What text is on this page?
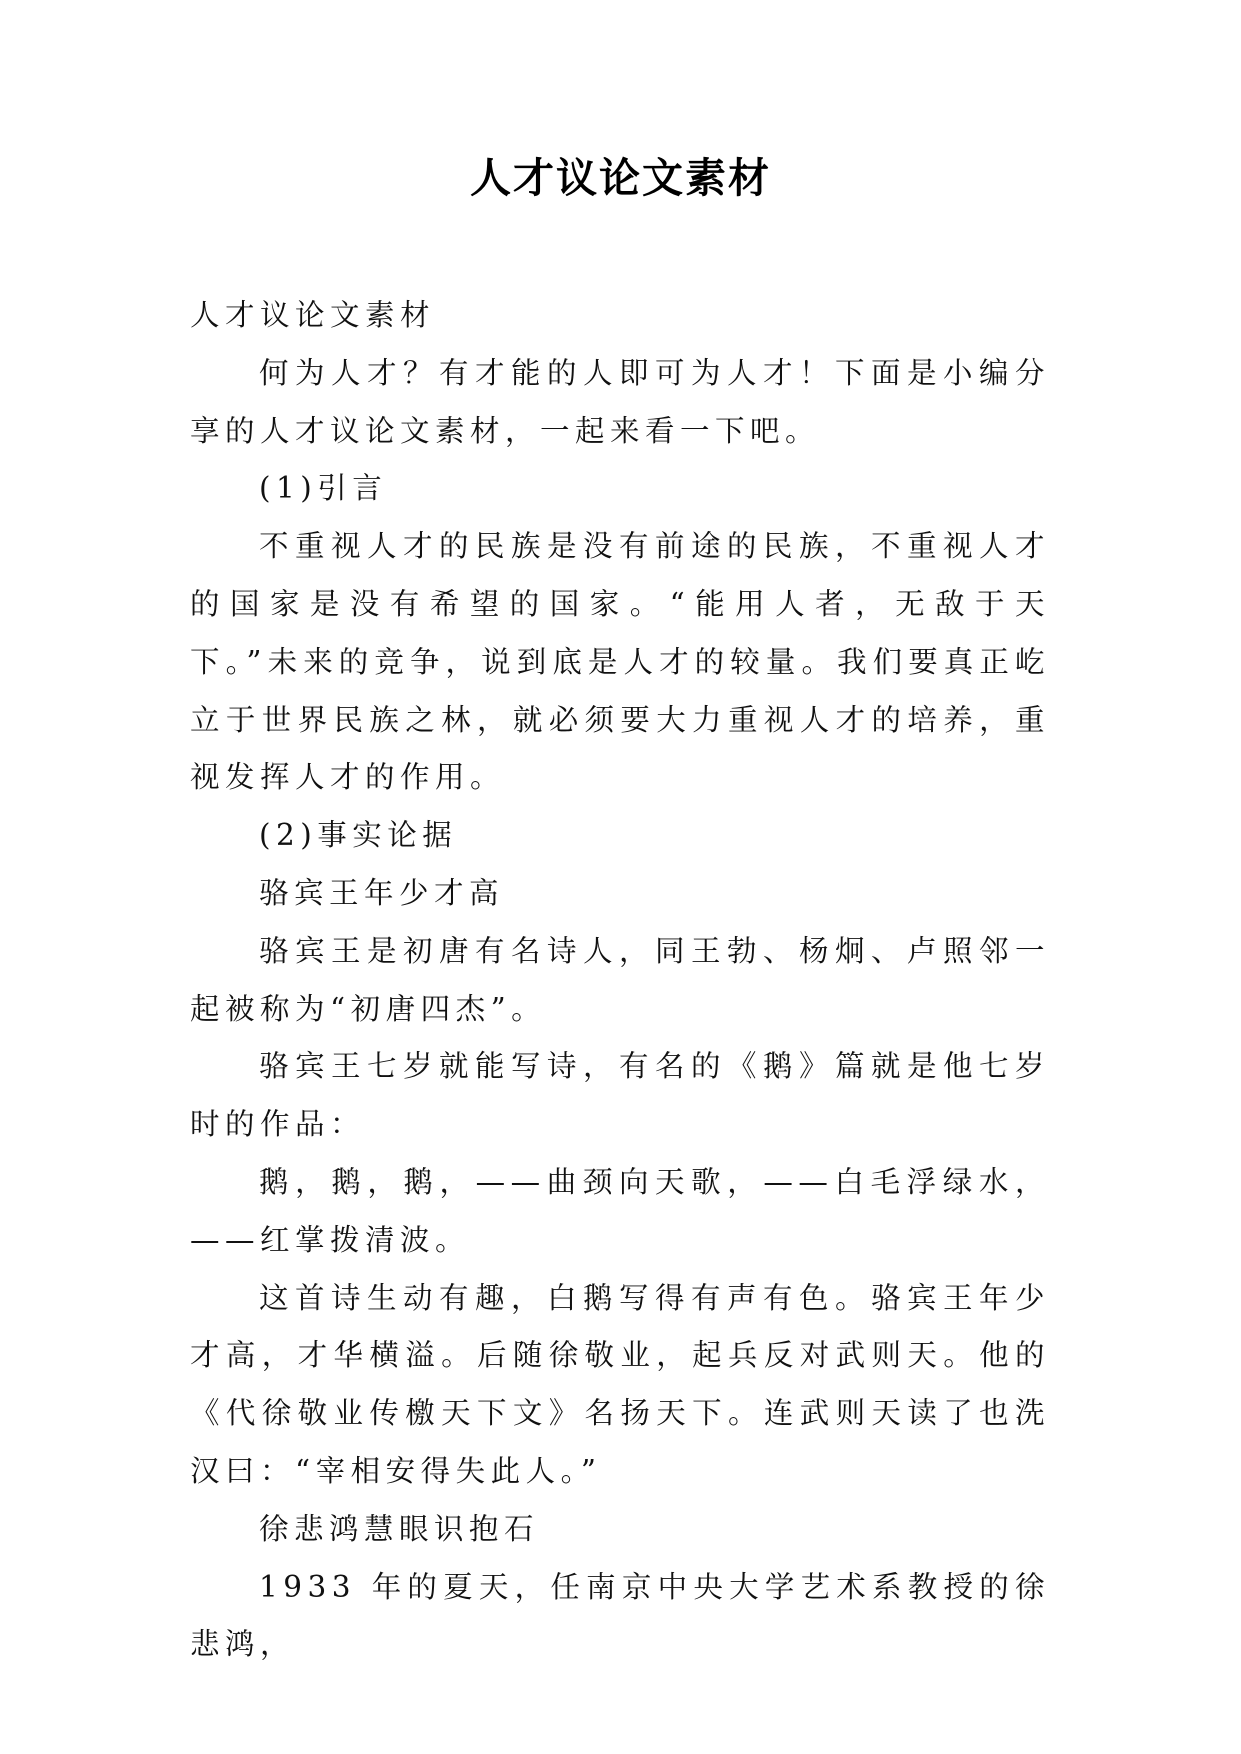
人才议论文素材

人才议论文素材

何为人才？有才能的人即可为人才！下面是小编分享的人才议论文素材，一起来看一下吧。

(1)引言

不重视人才的民族是没有前途的民族，不重视人才的国家是没有希望的国家。“能用人者，无敌于天下。”未来的竞争，说到底是人才的较量。我们要真正屹立于世界民族之林，就必须要大力重视人才的培养，重视发挥人才的作用。

(2)事实论据

骆宾王年少才高

骆宾王是初唐有名诗人，同王勃、杨炯、卢照邻一起被称为“初唐四杰”。

骆宾王七岁就能写诗，有名的《鹅》篇就是他七岁时的作品：

鹅，鹅，鹅，——曲颈向天歌，——白毛浮绿水，——红掌拨清波。

这首诗生动有趣，白鹅写得有声有色。骆宾王年少才高，才华横溢。后随徐敬业，起兵反对武则天。他的《代徐敬业传檄天下文》名扬天下。连武则天读了也洗汉曰：“宰相安得失此人。”

徐悲鸿慧眼识抱石

1933 年的夏天，任南京中央大学艺术系教授的徐悲鸿，
